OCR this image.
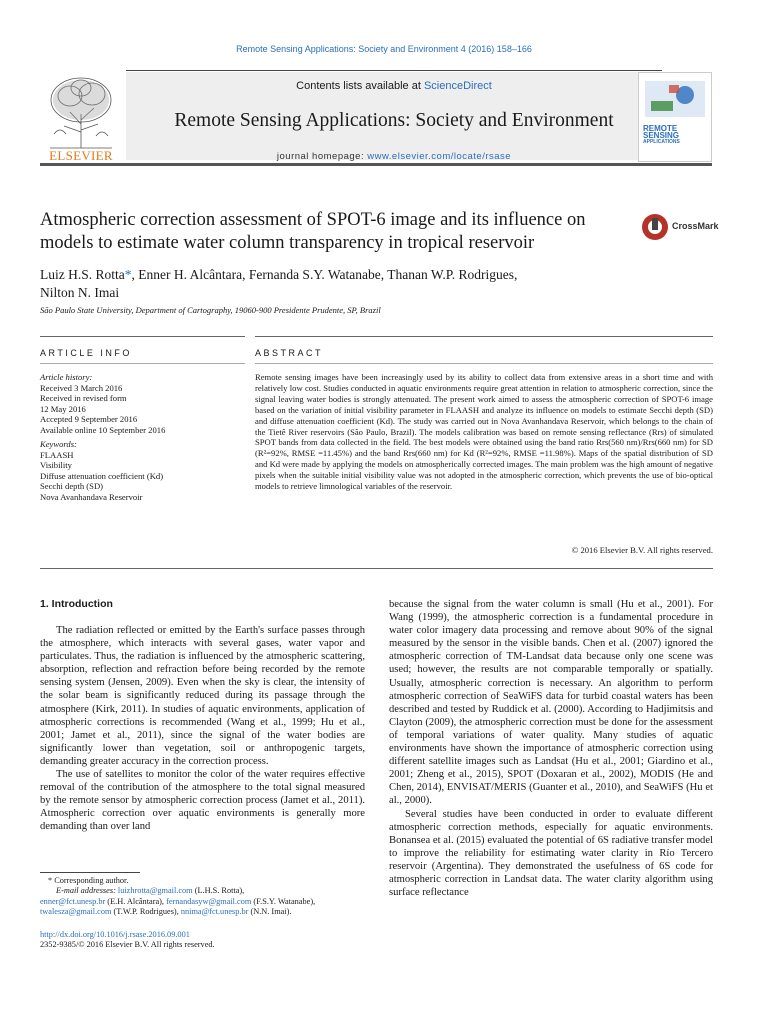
Remote Sensing Applications: Society and Environment 4 (2016) 158–166
ELSEVIER
Contents lists available at ScienceDirect
Remote Sensing Applications: Society and Environment
journal homepage: www.elsevier.com/locate/rsase
REMOTE
SENSING
APPLICATIONS
Atmospheric correction assessment of SPOT-6 image and its influence on models to estimate water column transparency in tropical reservoir
CrossMark
Luiz H.S. Rotta*, Enner H. Alcântara, Fernanda S.Y. Watanabe, Thanan W.P. Rodrigues,
Nilton N. Imai
São Paulo State University, Department of Cartography, 19060-900 Presidente Prudente, SP, Brazil
ARTICLE INFO	ABSTRACT
Article history:
Received 3 March 2016
Received in revised form
12 May 2016
Accepted 9 September 2016
Available online 10 September 2016
Keywords:
FLAASH
Visibility
Diffuse attenuation coefficient (Kd)
Secchi depth (SD)
Nova Avanhandava Reservoir
Remote sensing images have been increasingly used by its ability to collect data from extensive areas in a short time and with relatively low cost. Studies conducted in aquatic environments require great attention in relation to atmospheric correction, since the signal leaving water bodies is strongly attenuated. The present work aimed to assess the atmospheric correction of SPOT-6 image based on the variation of initial visibility parameter in FLAASH and analyze its influence on models to estimate Secchi depth (SD) and diffuse attenuation coefficient (Kd). The study was carried out in Nova Avanhandava Reservoir, which belongs to the chain of the Tietê River reservoirs (São Paulo, Brazil). The models calibration was based on remote sensing reflectance (Rrs) of simulated SPOT bands from data collected in the field. The best models were obtained using the band ratio Rrs(560 nm)/Rrs(660 nm) for SD (R²=92%, RMSE =11.45%) and the band Rrs(660 nm) for Kd (R²=92%, RMSE =11.98%). Maps of the spatial distribution of SD and Kd were made by applying the models on atmospherically corrected images. The main problem was the high amount of negative pixels when the suitable initial visibility value was not adopted in the atmospheric correction, which prevents the use of bio-optical models to retrieve limnological variables of the reservoir.
© 2016 Elsevier B.V. All rights reserved.
1. Introduction

The radiation reflected or emitted by the Earth's surface passes through the atmosphere, which interacts with several gases, water vapor and particulates. Thus, the radiation is influenced by the atmospheric scattering, absorption, reflection and refraction before being recorded by the remote sensing system (Jensen, 2009). Even when the sky is clear, the intensity of the solar beam is significantly reduced during its passage through the atmosphere (Kirk, 2011). In studies of aquatic environments, application of atmospheric corrections is recommended (Wang et al., 1999; Hu et al., 2001; Jamet et al., 2011), since the signal of the water bodies are significantly lower than vegetation, soil or anthropogenic targets, demanding greater accuracy in the correction process.

The use of satellites to monitor the color of the water requires effective removal of the contribution of the atmosphere to the total signal measured by the remote sensor by atmospheric correction process (Jamet et al., 2011). Atmospheric correction over aquatic environments is generally more demanding than over land

because the signal from the water column is small (Hu et al., 2001). For Wang (1999), the atmospheric correction is a fundamental procedure in water color imagery data processing and remove about 90% of the signal measured by the sensor in the visible bands. Chen et al. (2007) ignored the atmospheric correction of TM-Landsat data because only one scene was used; however, the results are not comparable temporally or spatially. Usually, atmospheric correction is necessary. An algorithm to perform atmospheric correction of SeaWiFS data for turbid coastal waters has been described and tested by Ruddick et al. (2000). According to Hadjimitsis and Clayton (2009), the atmospheric correction must be done for the assessment of temporal variations of water quality. Many studies of aquatic environments have shown the importance of atmospheric correction using different satellite images such as Landsat (Hu et al., 2001; Giardino et al., 2001; Zheng et al., 2015), SPOT (Doxaran et al., 2002), MODIS (He and Chen, 2014), ENVISAT/MERIS (Guanter et al., 2010), and SeaWiFS (Hu et al., 2000).

Several studies have been conducted in order to evaluate different atmospheric correction methods, especially for aquatic environments. Bonansea et al. (2015) evaluated the potential of 6S radiative transfer model to improve the reliability for estimating water clarity in Río Tercero reservoir (Argentina). They demonstrated the usefulness of 6S code for atmospheric correction in Landsat data. The water clarity algorithm using surface reflectance

* Corresponding author.
E-mail addresses: luizhrotta@gmail.com (L.H.S. Rotta),
enner@fct.unesp.br (E.H. Alcântara), fernandasyw@gmail.com (F.S.Y. Watanabe),
twalesza@gmail.com (T.W.P. Rodrigues), nnima@fct.unesp.br (N.N. Imai).
http://dx.doi.org/10.1016/j.rsase.2016.09.001
2352-9385/© 2016 Elsevier B.V. All rights reserved.
